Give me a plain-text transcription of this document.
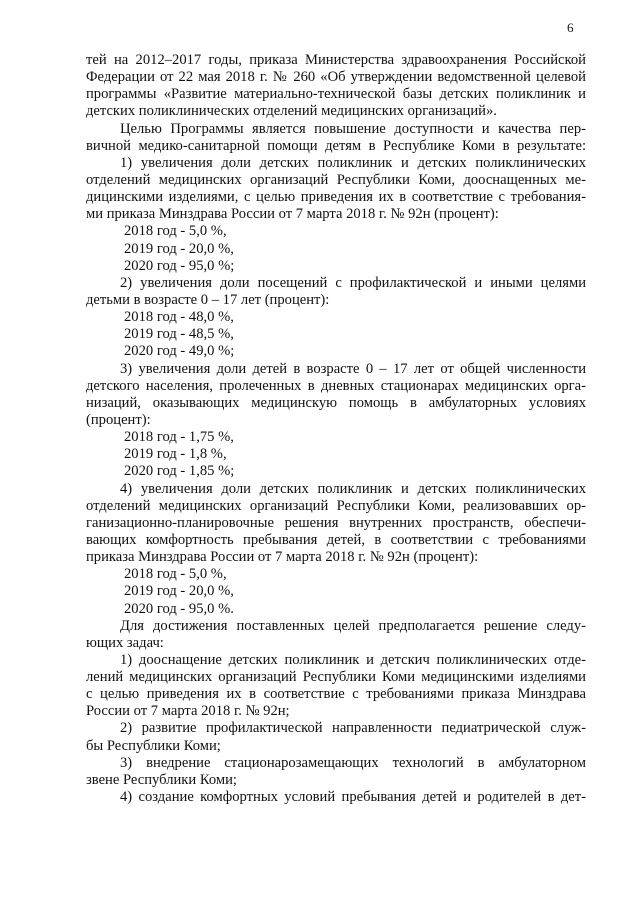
6
тей на 2012–2017 годы, приказа Министерства здравоохранения Российской
Федерации от 22 мая 2018 г. № 260 «Об утверждении ведомственной целевой
программы «Развитие материально-технической базы детских поликлиник и
детских поликлинических отделений медицинских организаций».
Целью Программы является повышение доступности и качества пер-
вичной медико-санитарной помощи детям в Республике Коми в результате:
1) увеличения доли детских поликлиник и детских поликлинических
отделений медицинских организаций Республики Коми, дооснащенных ме-
дицинскими изделиями, с целью приведения их в соответствие с требования-
ми приказа Минздрава России от 7 марта 2018 г. № 92н (процент):
2018 год - 5,0 %,
2019 год - 20,0 %,
2020 год - 95,0 %;
2) увеличения доли посещений с профилактической и иными целями
детьми в возрасте 0 – 17 лет (процент):
2018 год - 48,0 %,
2019 год - 48,5 %,
2020 год - 49,0 %;
3) увеличения доли детей в возрасте 0 – 17 лет от общей численности
детского населения, пролеченных в дневных стационарах медицинских орга-
низаций, оказывающих медицинскую помощь в амбулаторных условиях
(процент):
2018 год - 1,75 %,
2019 год - 1,8 %,
2020 год - 1,85 %;
4) увеличения доли детских поликлиник и детских поликлинических
отделений медицинских организаций Республики Коми, реализовавших ор-
ганизационно-планировочные решения внутренних пространств, обеспечи-
вающих комфортность пребывания детей, в соответствии с требованиями
приказа Минздрава России от 7 марта 2018 г. № 92н (процент):
2018 год - 5,0 %,
2019 год - 20,0 %,
2020 год - 95,0 %.
Для достижения поставленных целей предполагается решение следу-
ющих задач:
1) дооснащение детских поликлиник и детскич поликлинических отде-
лений медицинских организаций Республики Коми медицинскими изделиями
с целью приведения их в соответствие с требованиями приказа Минздрава
России от 7 марта 2018 г. № 92н;
2) развитие профилактической направленности педиатрической служ-
бы Республики Коми;
3) внедрение стационарозамещающих технологий в амбулаторном
звене Республики Коми;
4) создание комфортных условий пребывания детей и родителей в дет-
